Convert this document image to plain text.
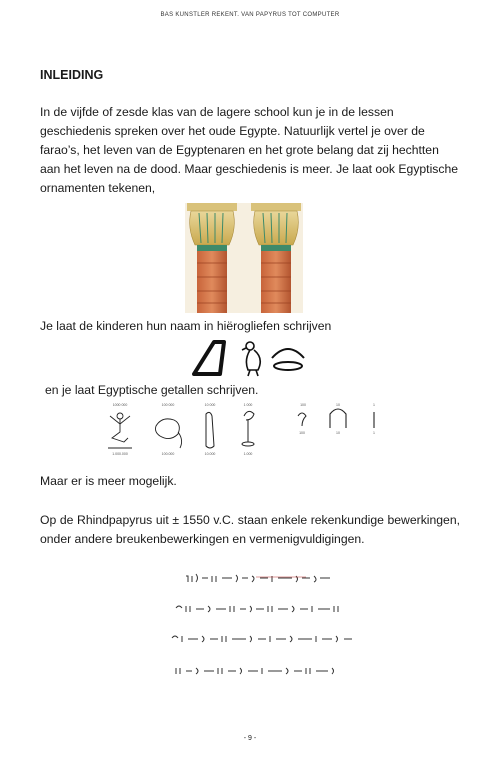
BAS KUNSTLER REKENT. VAN PAPYRUS TOT COMPUTER
INLEIDING
In de vijfde of zesde klas van de lagere school kun je in de lessen geschiedenis spreken over het oude Egypte. Natuurlijk vertel je over de farao’s, het leven van de Egyptenaren en het grote belang dat zij hechtten aan het leven na de dood. Maar geschiedenis is meer. Je laat ook Egyptische ornamenten tekenen,
Je laat de kinderen hun naam in hiërogliefen schrijven
en je laat Egyptische getallen schrijven.
1000 000	100 000	10 000	1 000	100	10	1
100	10	1
1.000.000	100.000	10.000	1.000
Maar er is meer mogelijk.
Op de Rhindpapyrus uit ± 1550 v.C. staan enkele rekenkundige bewerkingen, onder andere breukenbewerkingen en vermenigvuldigingen.
- 9 -
